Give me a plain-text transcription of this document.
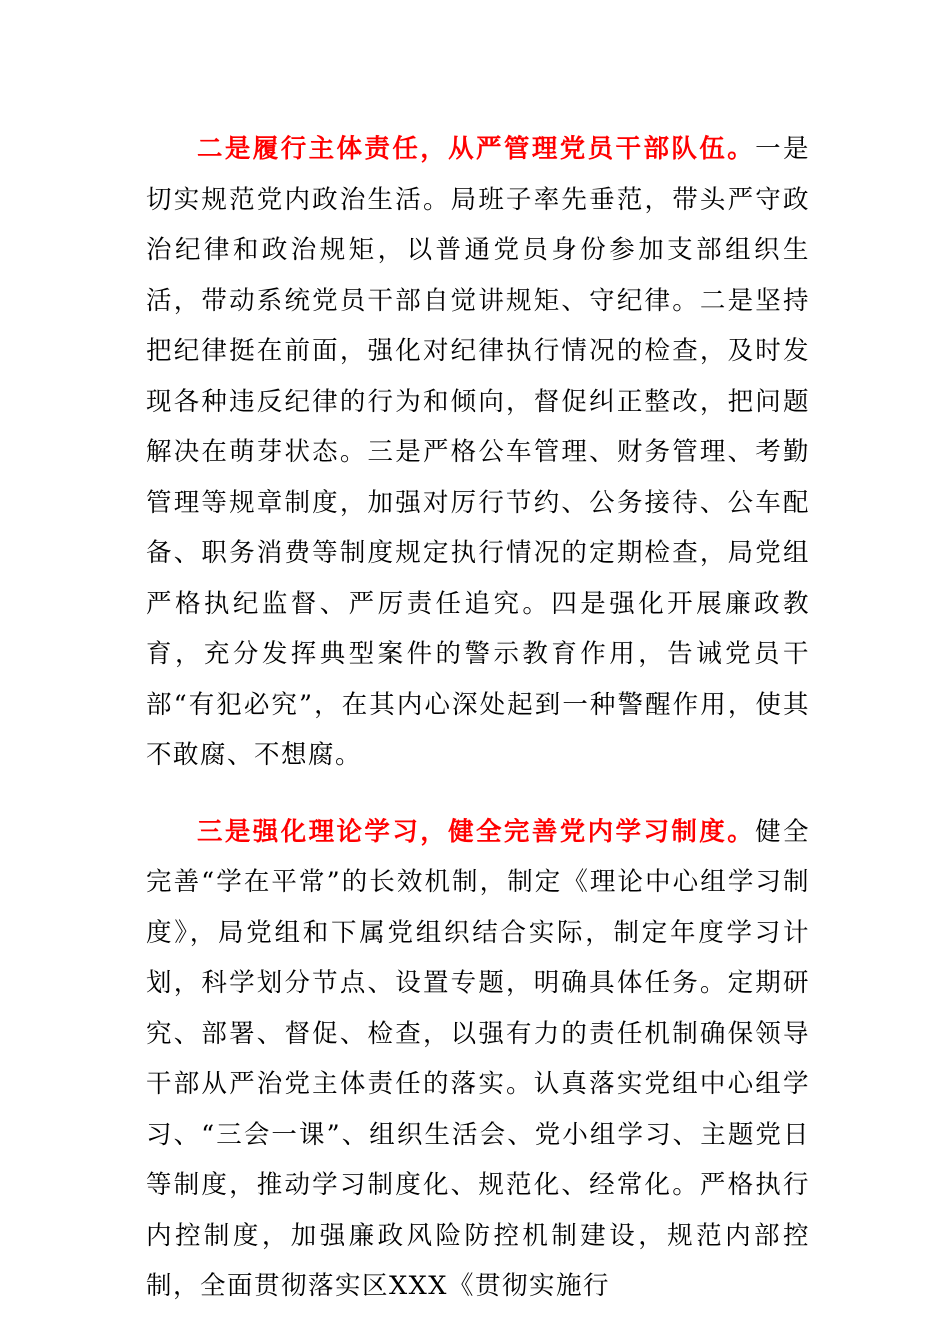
二是履行主体责任，从严管理党员干部队伍。一是切实规范党内政治生活。局班子率先垂范，带头严守政治纪律和政治规矩，以普通党员身份参加支部组织生活，带动系统党员干部自觉讲规矩、守纪律。二是坚持把纪律挺在前面，强化对纪律执行情况的检查，及时发现各种违反纪律的行为和倾向，督促纠正整改，把问题解决在萌芽状态。三是严格公车管理、财务管理、考勤管理等规章制度，加强对厉行节约、公务接待、公车配备、职务消费等制度规定执行情况的定期检查，局党组严格执纪监督、严厉责任追究。四是强化开展廉政教育，充分发挥典型案件的警示教育作用，告诫党员干部“有犯必究”，在其内心深处起到一种警醒作用，使其不敢腐、不想腐。

三是强化理论学习，健全完善党内学习制度。健全完善“学在平常”的长效机制，制定《理论中心组学习制度》，局党组和下属党组织结合实际，制定年度学习计划，科学划分节点、设置专题，明确具体任务。定期研究、部署、督促、检查，以强有力的责任机制确保领导干部从严治党主体责任的落实。认真落实党组中心组学习、“三会一课”、组织生活会、党小组学习、主题党日等制度，推动学习制度化、规范化、经常化。严格执行内控制度，加强廉政风险防控机制建设，规范内部控制，全面贯彻落实区XXX《贯彻实施行
